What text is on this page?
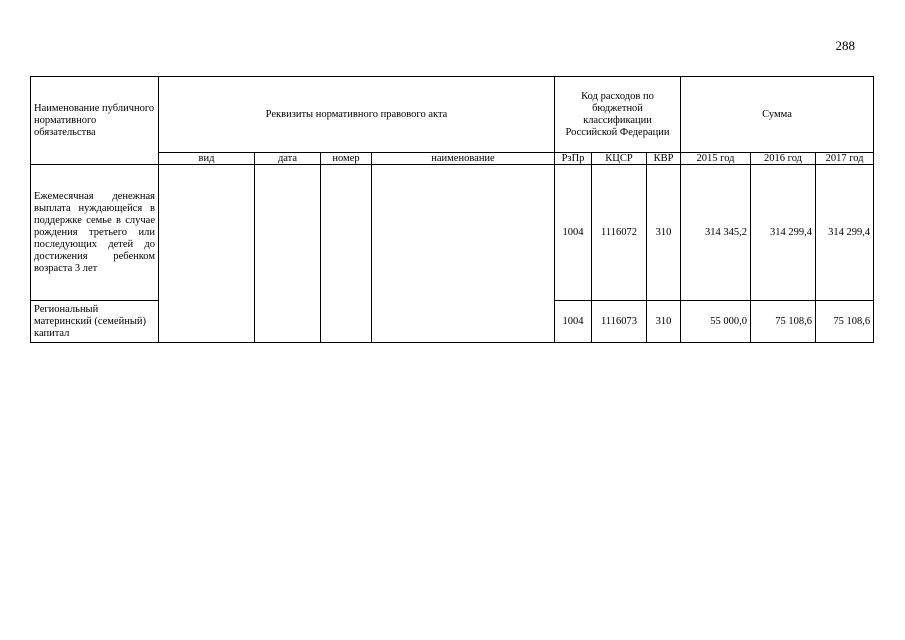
288
Наименование публичного нормативного обязательства	Реквизиты нормативного правового акта				Код расходов по бюджетной классификации Российской Федерации			Сумма		
	вид	дата	номер	наименование	РзПр	КЦСР	КВР	2015 год	2016 год	2017 год
Ежемесячная денежная выплата нуждающейся в поддержке семье в случае рождения третьего или последующих детей до достижения ребенком возраста 3 лет					1004	1116072	310	314 345,2	314 299,4	314 299,4
Региональный материнский (семейный) капитал					1004	1116073	310	55 000,0	75 108,6	75 108,6
